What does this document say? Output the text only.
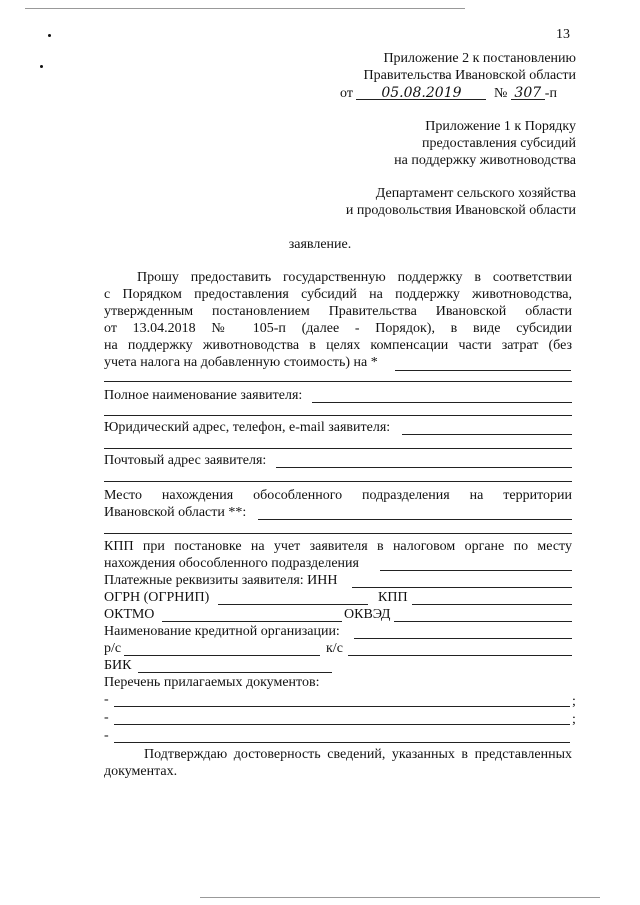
13
Приложение 2 к постановлению
Правительства Ивановской области
от 05.08.2019 № 307 -п
Приложение 1 к Порядку
предоставления субсидий
на поддержку животноводства
Департамент сельского хозяйства
и продовольствия Ивановской области
заявление.
Прошу предоставить государственную поддержку в соответствии
с Порядком предоставления субсидий на поддержку животноводства,
утвержденным постановлением Правительства Ивановской области
от 13.04.2018 № 105-п (далее - Порядок), в виде субсидии
на поддержку животноводства в целях компенсации части затрат (без
учета налога на добавленную стоимость) на *
Полное наименование заявителя:
Юридический адрес, телефон, e-mail заявителя:
Почтовый адрес заявителя:
Место нахождения обособленного подразделения на территории
Ивановской области **:
КПП при постановке на учет заявителя в налоговом органе по месту
нахождения обособленного подразделения
Платежные реквизиты заявителя: ИНН
ОГРН (ОГРНИП)	КПП
ОКТМО	ОКВЭД
Наименование кредитной организации:
р/с	к/с
БИК
Перечень прилагаемых документов:
-	;
-	;
-
Подтверждаю достоверность сведений, указанных в представленных
документах.
